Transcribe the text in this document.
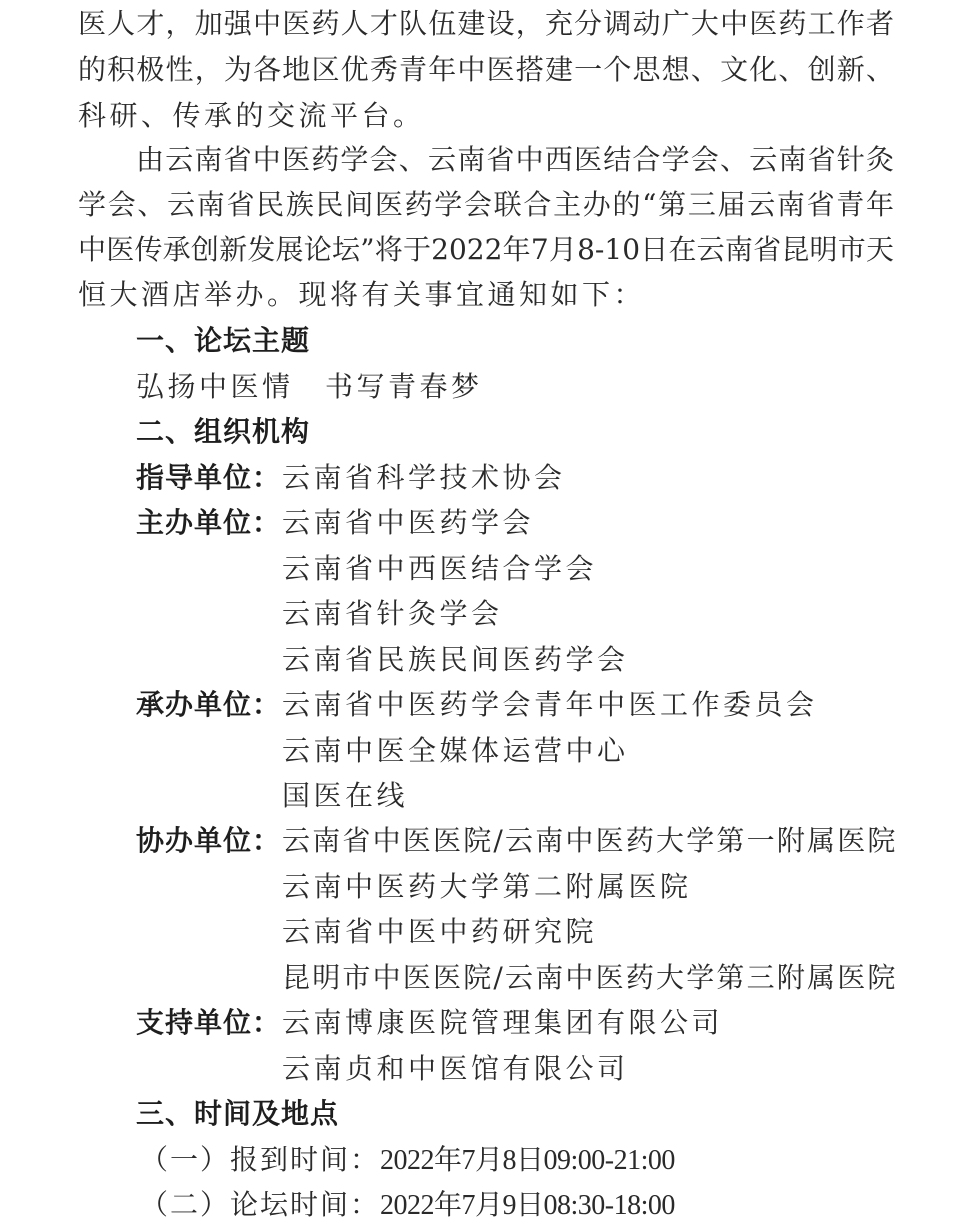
医人才，加强中医药人才队伍建设，充分调动广大中医药工作者
的积极性，为各地区优秀青年中医搭建一个思想、文化、创新、
科研、传承的交流平台。
由云南省中医药学会、云南省中西医结合学会、云南省针灸
学会、云南省民族民间医药学会联合主办的“第三届云南省青年
中医传承创新发展论坛”将于2022年7月8-10日在云南省昆明市天
恒大酒店举办。现将有关事宜通知如下：
一、论坛主题
弘扬中医情　书写青春梦
二、组织机构
指导单位： 云南省科学技术协会
主办单位： 云南省中医药学会
云南省中西医结合学会
云南省针灸学会
云南省民族民间医药学会
承办单位： 云南省中医药学会青年中医工作委员会
云南中医全媒体运营中心
国医在线
协办单位： 云南省中医医院/云南中医药大学第一附属医院
云南中医药大学第二附属医院
云南省中医中药研究院
昆明市中医医院/云南中医药大学第三附属医院
支持单位： 云南博康医院管理集团有限公司
云南贞和中医馆有限公司
三、时间及地点
（一）报到时间：2022年7月8日09:00-21:00
（二）论坛时间：2022年7月9日08:30-18:00
